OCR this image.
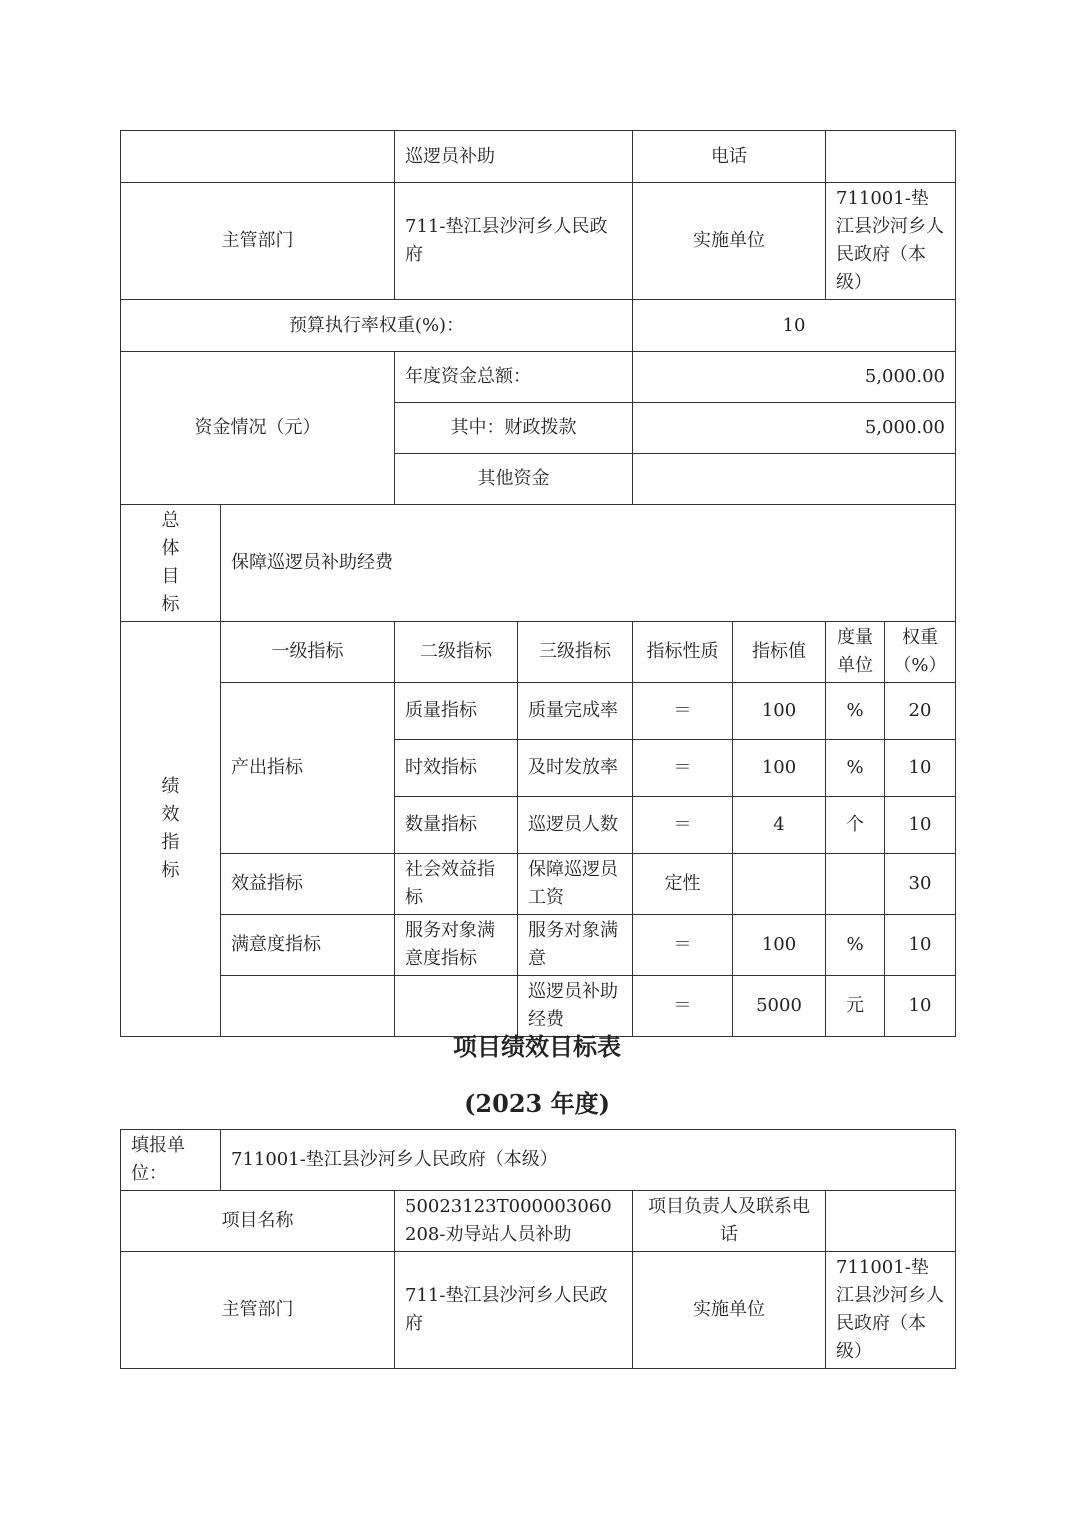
		巡逻员补助		电话			
主管部门		711-垫江县沙河乡人民政府		实施单位		711001-垫江县沙河乡人民政府（本级）	
预算执行率权重(%)：				10			
资金情况（元）		年度资金总额：		5,000.00			
		其中：财政拨款		5,000.00			
		其他资金					

总
体
目
标	保障巡逻员补助经费						

绩
效
指
标	一级指标	二级指标	三级指标	指标性质	指标值	度量单位	权重（%）
	产出指标	质量指标	质量完成率	＝	100	%	20
		时效指标	及时发放率	＝	100	%	10
		数量指标	巡逻员人数	＝	4	个	10
	效益指标	社会效益指标	保障巡逻员工资	定性			30
	满意度指标	服务对象满意度指标	服务对象满意	＝	100	%	10
			巡逻员补助经费	＝	5000	元	10
项目绩效目标表
(2023 年度)
填报单位：	711001-垫江县沙河乡人民政府（本级）			
项目名称		50023123T000003060208-劝导站人员补助	项目负责人及联系电话	
主管部门		711-垫江县沙河乡人民政府	实施单位	711001-垫江县沙河乡人民政府（本级）
